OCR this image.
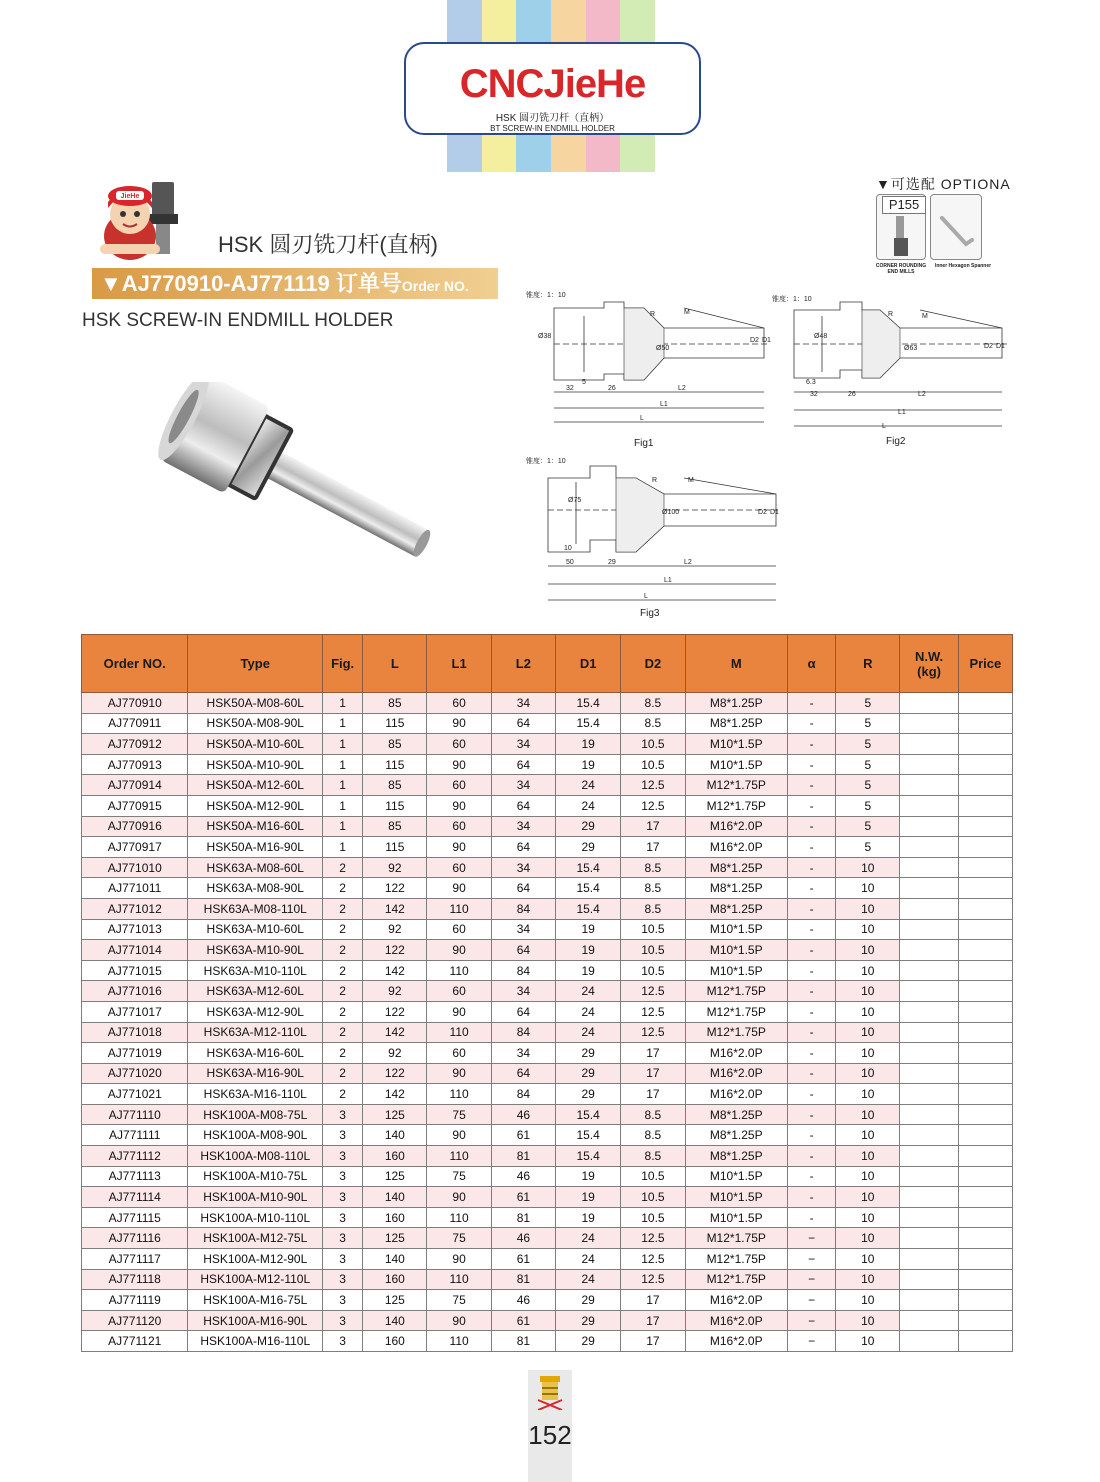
CNCJieHe
HSK 圆刃铣刀杆（直柄）
BT SCREW-IN ENDMILL HOLDER
JieHe
HSK 圆刃铣刀杆(直柄)
▼AJ770910-AJ771119 订单号Order NO.
HSK SCREW-IN ENDMILL HOLDER
▼可选配 OPTIONA
P155
CORNER ROUNDING END MILLS
Inner Hexagon Spanner
锥度：1：10
Ø38
Ø50
5
32	26
R	M
L2
L1
L
D2 D1
Fig1
锥度：1：10
Ø48
Ø63
6.3
32	26
R	M
L2
L1
L
D2 D1
Fig2
锥度：1：10
Ø75
Ø100
10
50	29
R	M
L2
L1
L
D2 D1
Fig3
Order NO.	Type	Fig.	L	L1	L2	D1	D2	M	α	R	N.W.
(kg)	Price
AJ770910	HSK50A-M08-60L	1	85	60	34	15.4	8.5	M8*1.25P	-	5		
AJ770911	HSK50A-M08-90L	1	115	90	64	15.4	8.5	M8*1.25P	-	5		
AJ770912	HSK50A-M10-60L	1	85	60	34	19	10.5	M10*1.5P	-	5		
AJ770913	HSK50A-M10-90L	1	115	90	64	19	10.5	M10*1.5P	-	5		
AJ770914	HSK50A-M12-60L	1	85	60	34	24	12.5	M12*1.75P	-	5		
AJ770915	HSK50A-M12-90L	1	115	90	64	24	12.5	M12*1.75P	-	5		
AJ770916	HSK50A-M16-60L	1	85	60	34	29	17	M16*2.0P	-	5		
AJ770917	HSK50A-M16-90L	1	115	90	64	29	17	M16*2.0P	-	5		
AJ771010	HSK63A-M08-60L	2	92	60	34	15.4	8.5	M8*1.25P	-	10		
AJ771011	HSK63A-M08-90L	2	122	90	64	15.4	8.5	M8*1.25P	-	10		
AJ771012	HSK63A-M08-110L	2	142	110	84	15.4	8.5	M8*1.25P	-	10		
AJ771013	HSK63A-M10-60L	2	92	60	34	19	10.5	M10*1.5P	-	10		
AJ771014	HSK63A-M10-90L	2	122	90	64	19	10.5	M10*1.5P	-	10		
AJ771015	HSK63A-M10-110L	2	142	110	84	19	10.5	M10*1.5P	-	10		
AJ771016	HSK63A-M12-60L	2	92	60	34	24	12.5	M12*1.75P	-	10		
AJ771017	HSK63A-M12-90L	2	122	90	64	24	12.5	M12*1.75P	-	10		
AJ771018	HSK63A-M12-110L	2	142	110	84	24	12.5	M12*1.75P	-	10		
AJ771019	HSK63A-M16-60L	2	92	60	34	29	17	M16*2.0P	-	10		
AJ771020	HSK63A-M16-90L	2	122	90	64	29	17	M16*2.0P	-	10		
AJ771021	HSK63A-M16-110L	2	142	110	84	29	17	M16*2.0P	-	10		
AJ771110	HSK100A-M08-75L	3	125	75	46	15.4	8.5	M8*1.25P	-	10		
AJ771111	HSK100A-M08-90L	3	140	90	61	15.4	8.5	M8*1.25P	-	10		
AJ771112	HSK100A-M08-110L	3	160	110	81	15.4	8.5	M8*1.25P	-	10		
AJ771113	HSK100A-M10-75L	3	125	75	46	19	10.5	M10*1.5P	-	10		
AJ771114	HSK100A-M10-90L	3	140	90	61	19	10.5	M10*1.5P	-	10		
AJ771115	HSK100A-M10-110L	3	160	110	81	19	10.5	M10*1.5P	-	10		
AJ771116	HSK100A-M12-75L	3	125	75	46	24	12.5	M12*1.75P	−	10		
AJ771117	HSK100A-M12-90L	3	140	90	61	24	12.5	M12*1.75P	−	10		
AJ771118	HSK100A-M12-110L	3	160	110	81	24	12.5	M12*1.75P	−	10		
AJ771119	HSK100A-M16-75L	3	125	75	46	29	17	M16*2.0P	−	10		
AJ771120	HSK100A-M16-90L	3	140	90	61	29	17	M16*2.0P	−	10		
AJ771121	HSK100A-M16-110L	3	160	110	81	29	17	M16*2.0P	−	10		
152
